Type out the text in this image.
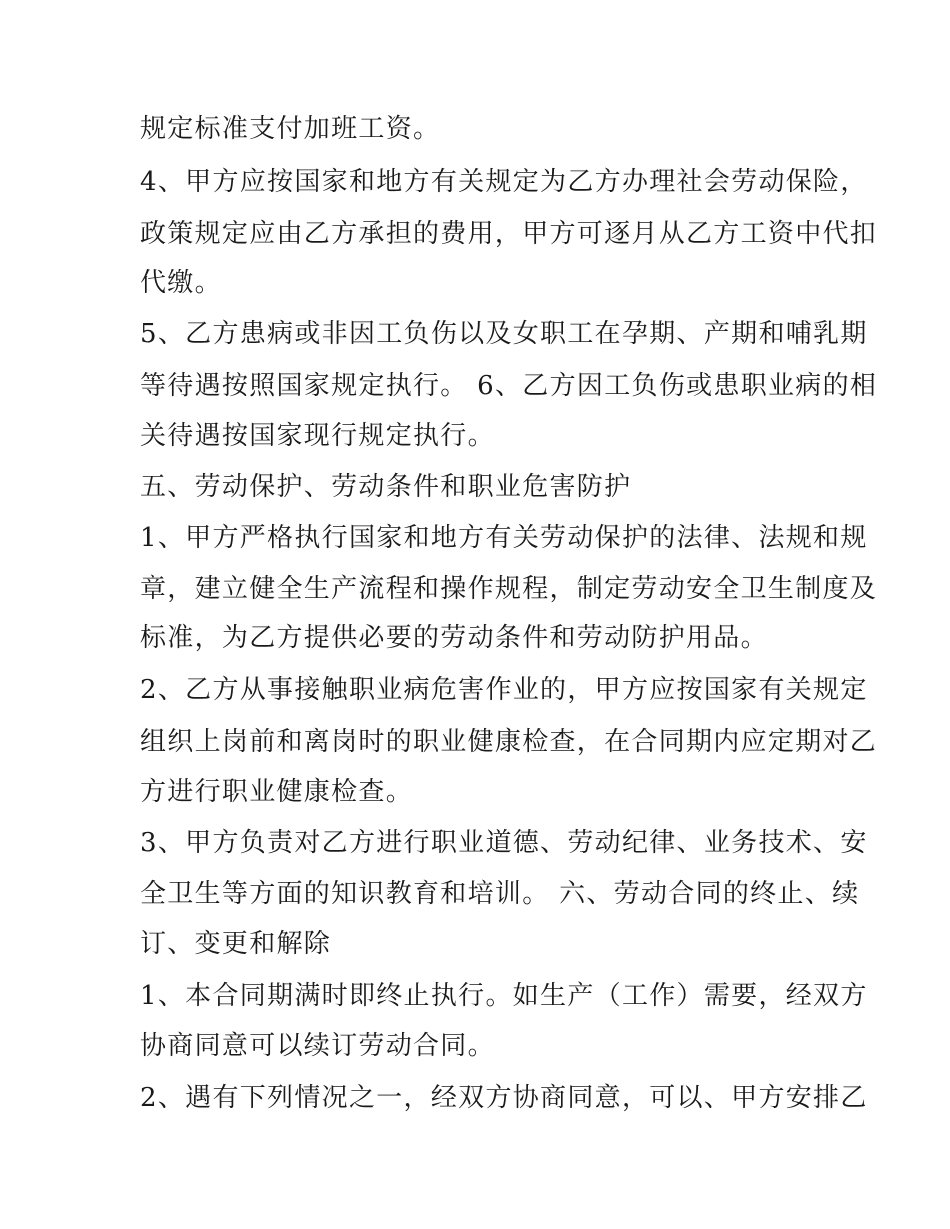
规定标准支付加班工资。
4、甲方应按国家和地方有关规定为乙方办理社会劳动保险，
政策规定应由乙方承担的费用，甲方可逐月从乙方工资中代扣
代缴。
5、乙方患病或非因工负伤以及女职工在孕期、产期和哺乳期
等待遇按照国家规定执行。 6、乙方因工负伤或患职业病的相
关待遇按国家现行规定执行。
五、劳动保护、劳动条件和职业危害防护
1、甲方严格执行国家和地方有关劳动保护的法律、法规和规
章，建立健全生产流程和操作规程，制定劳动安全卫生制度及
标准，为乙方提供必要的劳动条件和劳动防护用品。
2、乙方从事接触职业病危害作业的，甲方应按国家有关规定
组织上岗前和离岗时的职业健康检查，在合同期内应定期对乙
方进行职业健康检查。
3、甲方负责对乙方进行职业道德、劳动纪律、业务技术、安
全卫生等方面的知识教育和培训。 六、劳动合同的终止、续
订、变更和解除
1、本合同期满时即终止执行。如生产（工作）需要，经双方
协商同意可以续订劳动合同。
2、遇有下列情况之一，经双方协商同意，可以、甲方安排乙
